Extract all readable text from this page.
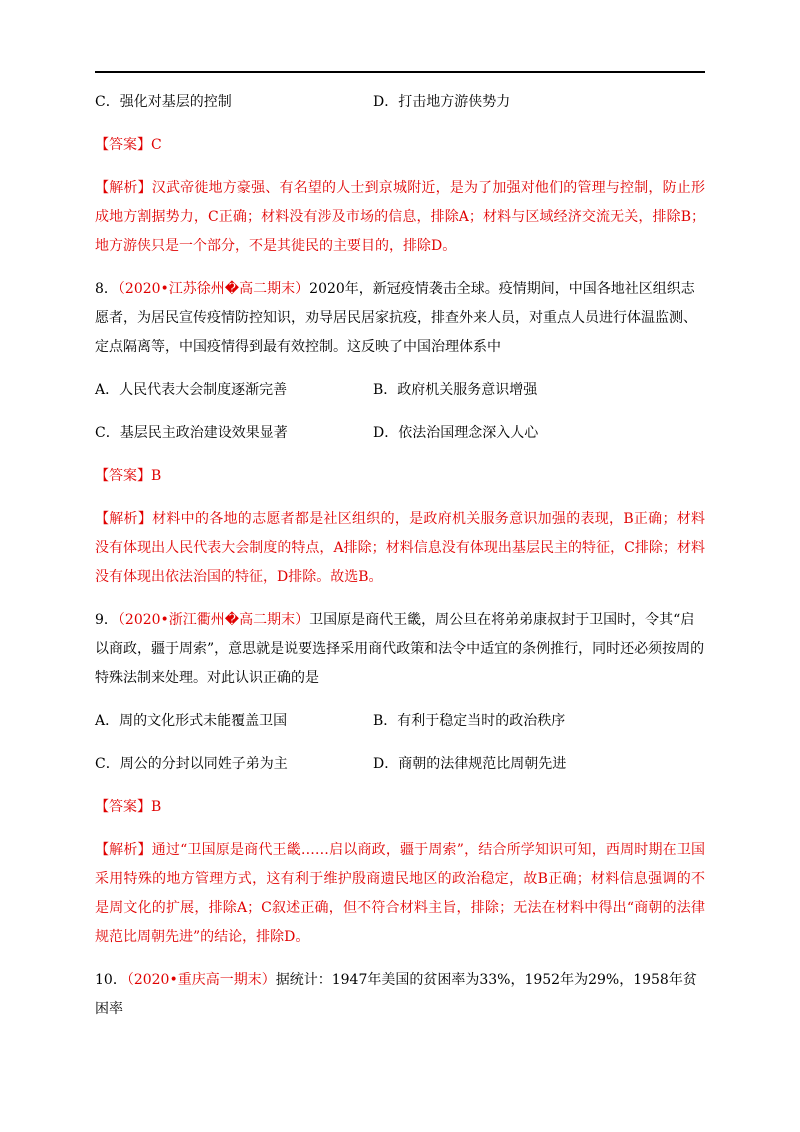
C．强化对基层的控制	D．打击地方游侠势力

【答案】C

【解析】汉武帝徙地方豪强、有名望的人士到京城附近，是为了加强对他们的管理与控制，防止形成地方割据势力，C正确；材料没有涉及市场的信息，排除A；材料与区域经济交流无关，排除B；地方游侠只是一个部分，不是其徙民的主要目的，排除D。

8．（2020•江苏徐州�高二期末）2020年，新冠疫情袭击全球。疫情期间，中国各地社区组织志愿者，为居民宣传疫情防控知识，劝导居民居家抗疫，排查外来人员，对重点人员进行体温监测、定点隔离等，中国疫情得到最有效控制。这反映了中国治理体系中

A．人民代表大会制度逐渐完善	B．政府机关服务意识增强
C．基层民主政治建设效果显著	D．依法治国理念深入人心

【答案】B

【解析】材料中的各地的志愿者都是社区组织的，是政府机关服务意识加强的表现，B正确；材料没有体现出人民代表大会制度的特点，A排除；材料信息没有体现出基层民主的特征，C排除；材料没有体现出依法治国的特征，D排除。故选B。

9．（2020•浙江衢州�高二期末）卫国原是商代王畿，周公旦在将弟弟康叔封于卫国时，令其“启以商政，疆于周索”，意思就是说要选择采用商代政策和法令中适宜的条例推行，同时还必须按周的特殊法制来处理。对此认识正确的是

A．周的文化形式未能覆盖卫国	B．有利于稳定当时的政治秩序
C．周公的分封以同姓子弟为主	D．商朝的法律规范比周朝先进

【答案】B

【解析】通过“卫国原是商代王畿……启以商政，疆于周索”，结合所学知识可知，西周时期在卫国采用特殊的地方管理方式，这有利于维护殷商遗民地区的政治稳定，故B正确；材料信息强调的不是周文化的扩展，排除A；C叙述正确，但不符合材料主旨，排除；无法在材料中得出“商朝的法律规范比周朝先进”的结论，排除D。

10．（2020•重庆高一期末）据统计：1947年美国的贫困率为33%，1952年为29%，1958年贫困率
